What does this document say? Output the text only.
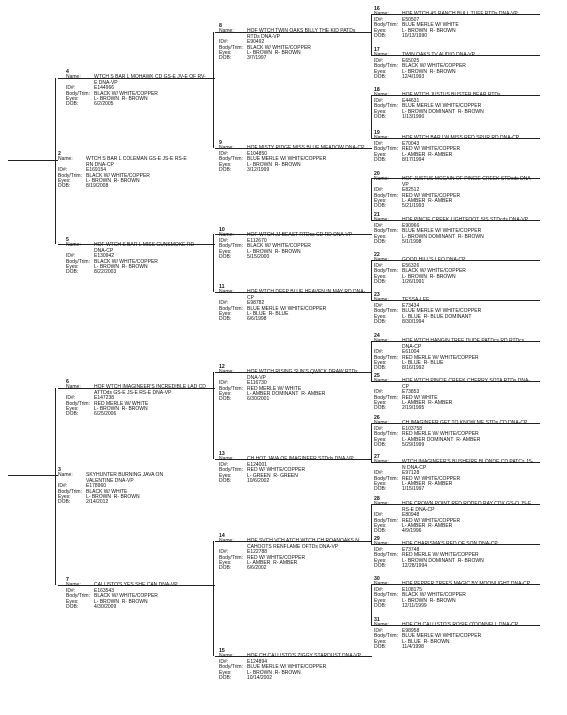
2
Name:	WTCH S BAR L COLEMAN GS-E JS-E RS-E RN DNA-CP
ID#:	E169154
Body/Trim: BLACK W/ WHITE/COPPER
Eyes:	L- BROWN  R- BROWN
DOB:	8/19/2008
3
Name:	SKYHUNTER BURNING JAVA ON VALENTINE DNA-VP
ID#:	E178960
Body/Trim: BLACK W/ WHITE
Eyes:	L- BROWN  R- BROWN
DOB:	2/14/2012
4
Name:	WTCH S BAR L MOHAWK CD GS-E JV-E OF RV-E DNA-VP
ID#:	E144966
Body/Trim: BLACK W/ WHITE/COPPER
Eyes:	L- BROWN  R- BROWN
DOB:	6/2/2005
5
Name:	HOF WTCH S BAR L MISS GUNSMOKE RD DNA-CP
ID#:	E130942
Body/Trim: BLACK W/ WHITE/COPPER
Eyes:	L- BROWN  R- BROWN
DOB:	8/22/2003
6
Name:	HOF WTCH IMAGINEER'S INCREDIBLE LAD CD ATTDds GS-E JS-E RS-E DNA-VP
ID#:	E147238
Body/Trim: RED MERLE W/ WHITE
Eyes:	L- BROWN  R- BROWN
DOB:	6/25/2006
7
Name:	CALLISTO'S YES SHE CAN DNA-VP
ID#:	E163543
Body/Trim: BLACK W/ WHITE/COPPER
Eyes:	L- BROWN  R- BROWN
DOB:	4/30/2009
8
Name:	HOF WTCH TWIN OAKS BILLY THE KID PATDs RTDs DNA-VP
ID#:	E90492
Body/Trim: BLACK W/ WHITE/COPPER
Eyes:	L- BROWN  R- BROWN
DOB:	3/7/1997
9
Name:	HOF MISTY RIDGE MISS BLUE MEADOW DNA-CP
ID#:	E104850
Body/Trim: BLUE MERLE W/ WHITE/COPPER
Eyes:	L- BROWN  R- BROWN
DOB:	3/12/1999
10
Name:	HOF WTCH JJ BEAST RTDcs CD RD DNA-VP
ID#:	E112670
Body/Trim: BLACK W/ WHITE/COPPER
Eyes:	L- BROWN  R- BROWN
DOB:	5/15/2000
11
Name:	HOF WTCH DEEP BLUE HEAVEN IN MAY RD DNA-CP
ID#:	E98782
Body/Trim: BLUE MERLE W/ WHITE/COPPER
Eyes:	L- BLUE  R- BLUE
DOB:	6/6/1998
12
Name:	HOF WTCH RISING SUN'S QWICK DRAW RTDs DNA-VP
ID#:	E116730
Body/Trim: RED MERLE W/ WHITE
Eyes:	L- AMBER DOMINANT  R- AMBER
DOB:	6/30/2001
13
Name:	CH HOT JAVA OF IMAGINEER STDds DNA-VP
ID#:	E124001
Body/Trim: RED W/ WHITE/COPPER
Eyes:	L- GREEN  R- GREEN
DOB:	10/6/2002
14
Name:	HOF SVCH VCH ATCH WTCH CH ROANOAKS N CAHOOTS RENFLAME OFTDs DNA-VP
ID#:	E122788
Body/Trim: RED W/ WHITE/COPPER
Eyes:	L- AMBER  R- AMBER
DOB:	6/6/2002
15
Name:	HOF CH CALLISTO'S ZIGGY STARDUST DNA-VP
ID#:	E124894
Body/Trim: BLUE MERLE W/ WHITE/COPPER
Eyes:	L- BROWN  R- BROWN
DOB:	10/14/2002
16
Name:	HOF WTCH 4S RANCH BULL TUFF RTDs DNA-VP
ID#:	E50507
Body/Trim: BLUE MERLE W/ WHITE
Eyes:	L- BROWN  R- BROWN
DOB:	10/13/1990
17
Name:	TWIN OAKS TV AUDIO DNA-VP
ID#:	E65025
Body/Trim: BLACK W/ WHITE/COPPER
Eyes:	L- BROWN  R- BROWN
DOB:	12/4/1993
18
Name:	HOF WTCH JUSTUS BUSTER BEAR RTDs
ID#:	E44631
Body/Trim: BLUE MERLE W/ WHITE/COPPER
Eyes:	L- BROWN DOMINANT  R- BROWN
DOB:	1/13/1990
19
Name:	HOF WTCH BAR LW MISS RED SPUR RD DNA-CP
ID#:	E70043
Body/Trim: RED W/ WHITE/COPPER
Eyes:	L- AMBER  R- AMBER
DOB:	8/17/1994
20
Name:	HOF JUSTUS MCCAIN OF PINCIE CREEK STDcds DNA-VP
ID#:	E82512
Body/Trim: RED W/ WHITE/COPPER
Eyes:	L- AMBER  R- AMBER
DOB:	5/21/1993
21
Name:	HOF PINCIE CREEK LIGHTFOOT SIS STDcds DNA-VP
ID#:	E90966
Body/Trim: BLUE MERLE W/ WHITE/COPPER
Eyes:	L- BROWN DOMINANT  R- BROWN
DOB:	5/1/1998
22
Name:	GOOD HILL'S LEO DNA-CP
ID#:	E56326
Body/Trim: BLACK W/ WHITE/COPPER
Eyes:	L- BROWN  R- BROWN
DOB:	1/26/1991
23
Name:	TESSA-LEE
ID#:	E73434
Body/Trim: BLUE MERLE W/ WHITE/COPPER
Eyes:	L- BLUE  R- BLUE DOMINANT
DOB:	8/30/1994
24
Name:	HOF WTCH HANGIN TREE DUDE PATDcs RD RTDcs DNA-CP
ID#:	E61004
Body/Trim: RED MERLE W/ WHITE/COPPER
Eyes:	L- BLUE  R- BLUE
DOB:	8/16/1992
25
Name:	HOF WTCH PINCIE CREEK CHERRY SOTA RTDs DNA-CP
ID#:	E73853
Body/Trim: RED W/ WHITE
Eyes:	L- AMBER  R- AMBER
DOB:	2/19/1995
26
Name:	CH IMAGINEER GET TO KNOW ME STDs CD DNA-CP
ID#:	E103758
Body/Trim: RED MERLE W/ WHITE/COPPER
Eyes:	L- AMBER DOMINANT  R- AMBER
DOB:	5/29/1999
27
Name:	WTCH IMAGINEER'S BUSHFIRE BLONDE CD PATCs JS-N DNA-CP
ID#:	E97128
Body/Trim: RED W/ WHITE/COPPER
Eyes:	L- AMBER  R- AMBER
DOB:	1/15/1997
28
Name:	HOF CROWN POINT RED RODEO RAY CDX GS-O JS-E RS-E DNA-CP
ID#:	E80948
Body/Trim: RED W/ WHITE/COPPER
Eyes:	L- AMBER  R- AMBER
DOB:	4/9/1996
29
Name:	HOF CHARISMA'S RED OF SON DNA-CP
ID#:	E73748
Body/Trim: RED MERLE W/ WHITE/COPPER
Eyes:	L- BROWN DOMINANT  R- BROWN
DOB:	12/28/1994
30
Name:	HOF PEPPER TREES MAGIC BY MOONLIGHT DNA-CP
ID#:	E108175
Body/Trim: BLACK W/ WHITE/COPPER
Eyes:	L- BROWN  R- BROWN
DOB:	12/11/1999
31
Name:	HOF CH CALLISTO'S ROSIE O'DONNELL DNA-CP
ID#:	E98958
Body/Trim: BLUE MERLE W/ WHITE/COPPER
Eyes:	L- BLUE  R- BROWN
DOB:	11/4/1998
